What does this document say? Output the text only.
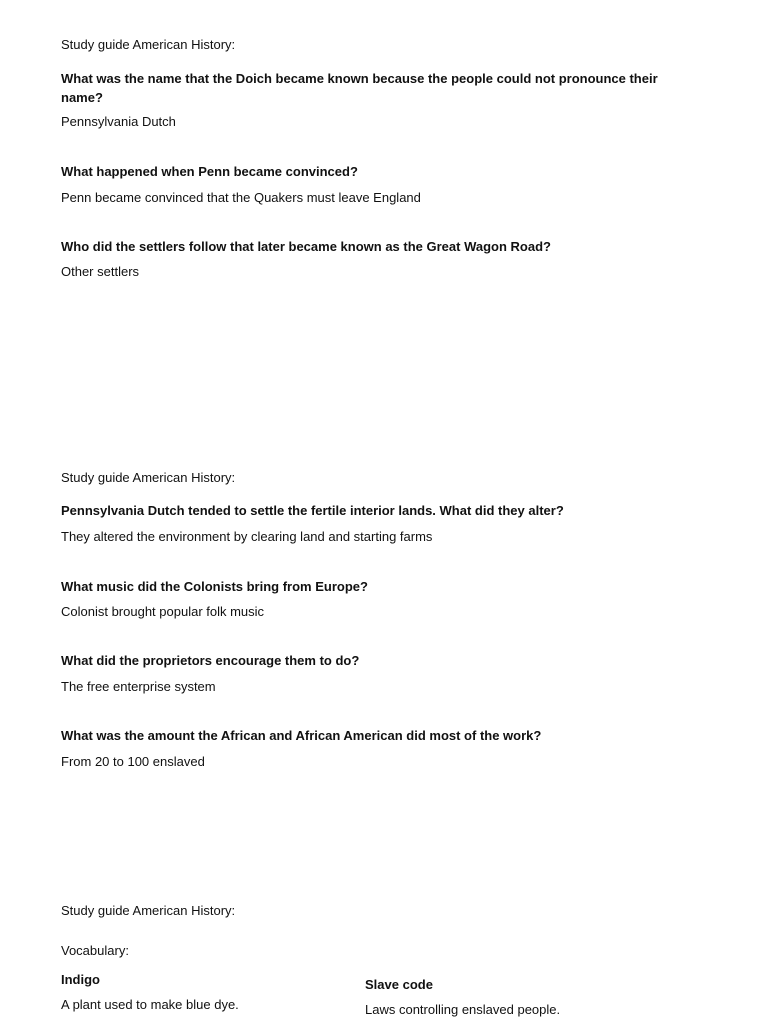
Study guide American History:

What was the name that the Doich became known because the people could not pronounce their name?

Pennsylvania Dutch

What happened when Penn became convinced?

Penn became convinced that the Quakers must leave England

Who did the settlers follow that later became known as the Great Wagon Road?

Other settlers

Study guide American History:

Pennsylvania Dutch tended to settle the fertile interior lands. What did they alter?

They altered the environment by clearing land and starting farms

What music did the Colonists bring from Europe?

Colonist brought popular folk music

What did the proprietors encourage them to do?

The free enterprise system

What was the amount the African and African American did most of the work?

From 20 to 100 enslaved

Study guide American History:

Vocabulary:

Indigo

A plant used to make blue dye.

Slave code

Laws controlling enslaved people.
